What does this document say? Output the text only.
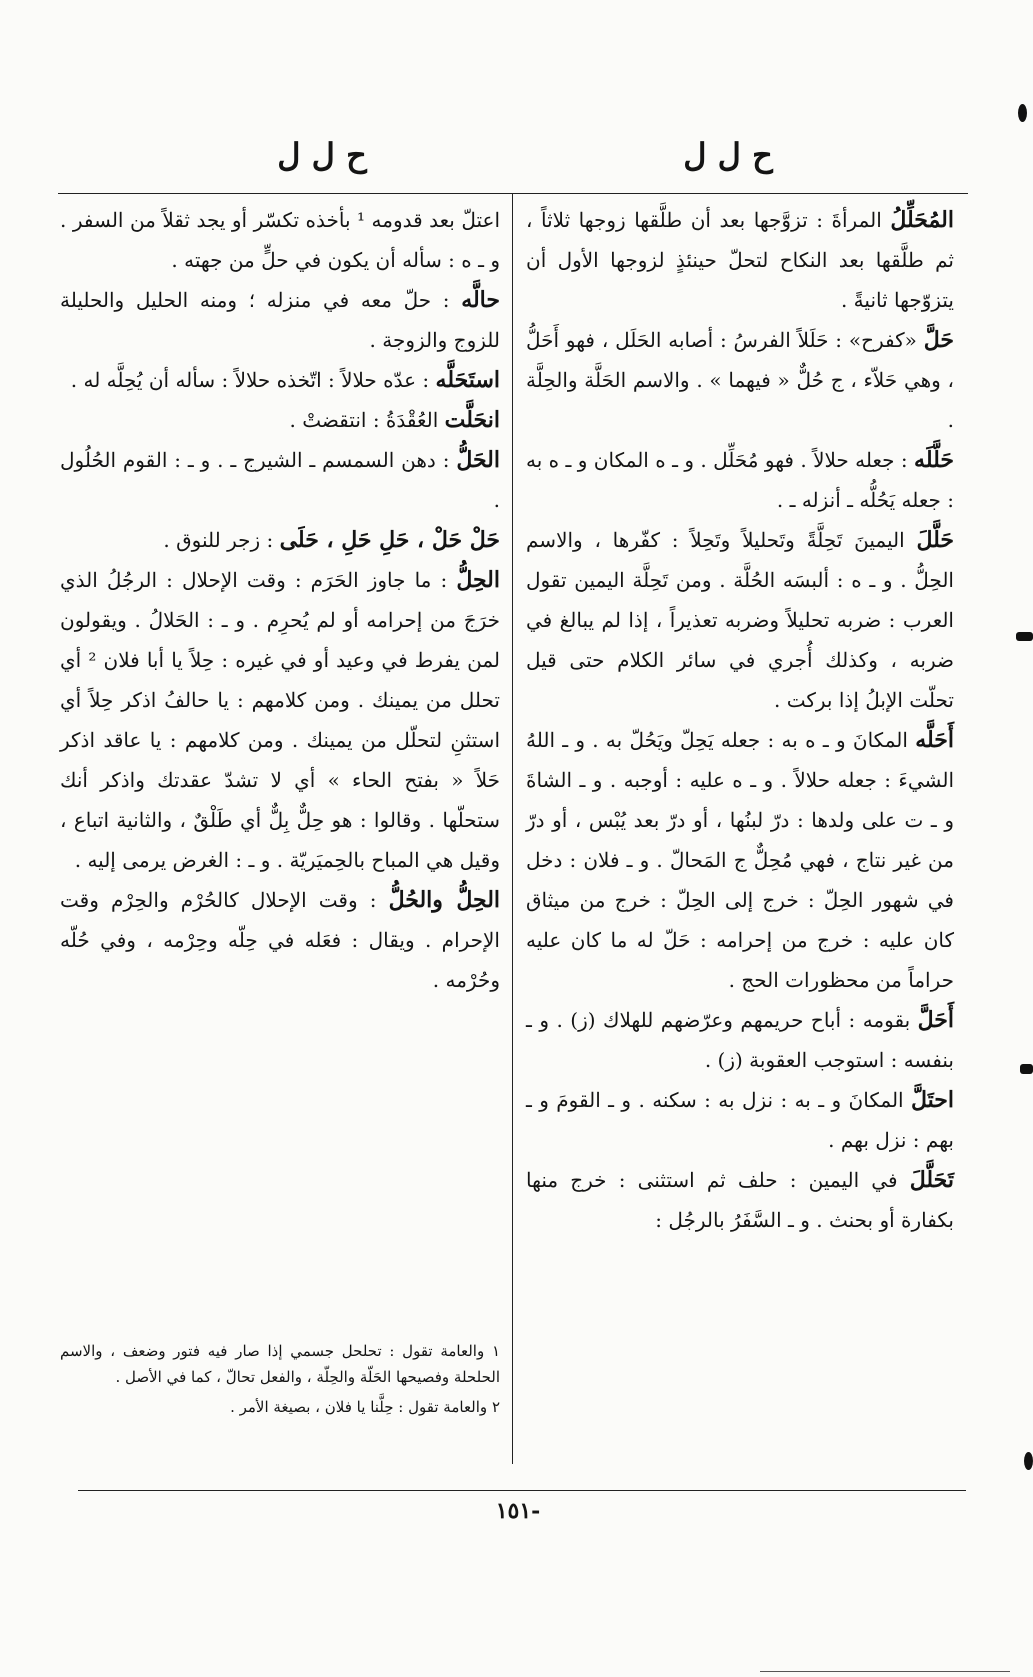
ح ل ل
ح ل ل

المُحَلِّلُ المرأةَ : تزوَّجها بعد أن طلَّقها زوجها ثلاثاً ، ثم طلَّقها بعد النكاح لتحلّ حينئذٍ لزوجها الأول أن يتزوّجها ثانيةً .

حَلَّ «كفرح» : حَلَلاً الفرسُ : أصابه الحَلَل ، فهو أَحَلُّ ، وهي حَلاّء ، ج حُلٌّ « فيهما » . والاسم الحَلَّة والحِلَّة .

حَلَّلَه : جعله حلالاً . فهو مُحَلِّل . و ـ ه المكان و ـ ه به : جعله يَحُلُّه ـ أنزله ـ .

حَلَّلَ اليمينَ تَحِلَّةً وتَحليلاً وتَحِلاً : كفّرها ، والاسم الحِلُّ . و ـ ه : ألبسَه الحُلَّة . ومن تَحِلَّة اليمين تقول العرب : ضربه تحليلاً وضربه تعذيراً ، إذا لم يبالغ في ضربه ، وكذلك أُجري في سائر الكلام حتى قيل تحلّت الإبلُ إذا بركت .

أَحَلَّه المكانَ و ـ ه به : جعله يَحِلّ ويَحُلّ به . و ـ اللهُ الشيءَ : جعله حلالاً . و ـ ه عليه : أوجبه . و ـ الشاةَ و ـ ت على ولدها : درّ لبنُها ، أو درّ بعد يُبْس ، أو درّ من غير نتاج ، فهي مُحِلٌّ ج المَحالّ . و ـ فلان : دخل في شهور الحِلّ : خرج إلى الحِلّ : خرج من ميثاق كان عليه : خرج من إحرامه : حَلّ له ما كان عليه حراماً من محظورات الحج .

أَحَلَّ بقومه : أباح حريمهم وعرّضهم للهلاك (ز) . و ـ بنفسه : استوجب العقوبة (ز) .

احتَلَّ المكانَ و ـ به : نزل به : سكنه . و ـ القومَ و ـ بهم : نزل بهم .

تَحَلَّلَ في اليمين : حلف ثم استثنى : خرج منها بكفارة أو بحنث . و ـ السَّفَرُ بالرجُل :

اعتلّ بعد قدومه ¹ بأخذه تكسّر أو يجد ثقلاً من السفر . و ـ ه : سأله أن يكون في حلٍّ من جهته .

حالَّه : حلّ معه في منزله ؛ ومنه الحليل والحليلة للزوج والزوجة .

استَحَلَّه : عدّه حلالاً : اتّخذه حلالاً : سأله أن يُحِلَّه له .

انحَلَّت العُقْدَةُ : انتقضتْ .

الحَلُّ : دهن السمسم ـ الشيرج ـ . و ـ : القوم الحُلُول .

حَلْ حَلْ ، حَلِ حَلِ ، حَلَى : زجر للنوق .

الحِلُّ : ما جاوز الحَرَم : وقت الإحلال : الرجُلُ الذي خرَجَ من إحرامه أو لم يُحرِم . و ـ : الحَلالُ . ويقولون لمن يفرط في وعيد أو في غيره : حِلاً يا أبا فلان ² أي تحلل من يمينك . ومن كلامهم : يا حالفُ اذكر حِلاً أي استثنِ لتحلّل من يمينك . ومن كلامهم : يا عاقد اذكر حَلاً « بفتح الحاء » أي لا تشدّ عقدتك واذكر أنك ستحلّها . وقالوا : هو حِلٌّ بِلٌّ أي طَلْقٌ ، والثانية اتباع ، وقيل هي المباح بالحِميَريّة . و ـ : الغرض يرمى إليه .

الحِلُّ والحُلُّ : وقت الإحلال كالحُرْم والحِرْم وقت الإحرام . ويقال : فعَله في حِلّه وحِرْمه ، وفي حُلّه وحُرْمه .

١ والعامة تقول : تحلحل جسمي إذا صار فيه فتور وضعف ، والاسم الحلحلة وفصيحها الحَلّة والحِلّة ، والفعل تحالّ ، كما في الأصل .

٢ والعامة تقول : حِلَّنا يا فلان ، بصيغة الأمر .

-١٥١
